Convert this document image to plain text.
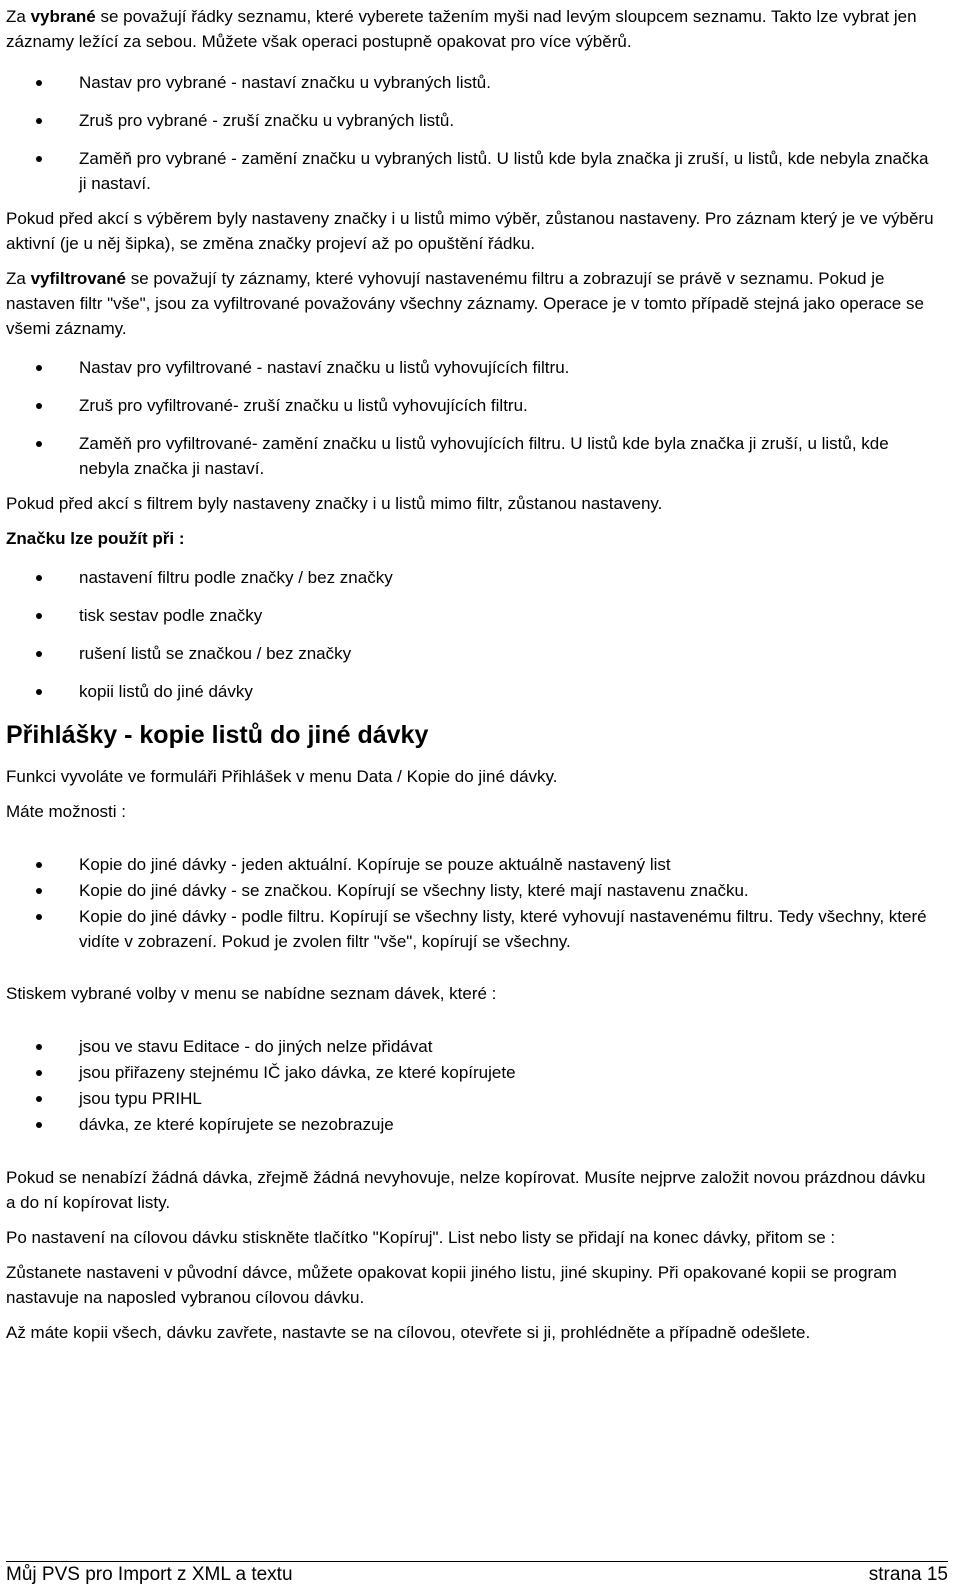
Za vybrané se považují řádky seznamu, které vyberete tažením myši nad levým sloupcem seznamu. Takto lze vybrat jen záznamy ležící za sebou. Můžete však operaci postupně opakovat pro více výběrů.

Nastav pro vybrané - nastaví značku u vybraných listů.
Zruš pro vybrané - zruší značku u vybraných listů.
Zaměň pro vybrané - zamění značku u vybraných listů. U listů kde byla značka ji zruší, u listů, kde nebyla značka ji nastaví.

Pokud před akcí s výběrem byly nastaveny značky i u listů mimo výběr, zůstanou nastaveny. Pro záznam který je ve výběru aktivní (je u něj šipka), se změna značky projeví až po opuštění řádku.

Za vyfiltrované se považují ty záznamy, které vyhovují nastavenému filtru a zobrazují se právě v seznamu. Pokud je nastaven filtr "vše", jsou za vyfiltrované považovány všechny záznamy. Operace je v tomto případě stejná jako operace se všemi záznamy.

Nastav pro vyfiltrované - nastaví značku u listů vyhovujících filtru.
Zruš pro vyfiltrované- zruší značku u listů vyhovujících filtru.
Zaměň pro vyfiltrované- zamění značku u listů vyhovujících filtru. U listů kde byla značka ji zruší, u listů, kde nebyla značka ji nastaví.

Pokud před akcí s filtrem byly nastaveny značky i u listů mimo filtr, zůstanou nastaveny.

Značku lze použít při :

nastavení filtru podle značky / bez značky
tisk sestav podle značky
rušení listů se značkou / bez značky
kopii listů do jiné dávky
Přihlášky - kopie listů do jiné dávky

Funkci vyvoláte ve formuláři Přihlášek v menu Data / Kopie do jiné dávky.

Máte možnosti :

Kopie do jiné dávky - jeden aktuální. Kopíruje se pouze aktuálně nastavený list
Kopie do jiné dávky - se značkou. Kopírují se všechny listy, které mají nastavenu značku.
Kopie do jiné dávky - podle filtru. Kopírují se všechny listy, které vyhovují nastavenému filtru. Tedy všechny, které vidíte v zobrazení. Pokud je zvolen filtr "vše", kopírují se všechny.

Stiskem vybrané volby v menu se nabídne seznam dávek, které :

jsou ve stavu Editace - do jiných nelze přidávat
jsou přiřazeny stejnému IČ jako dávka, ze které kopírujete
jsou typu PRIHL
dávka, ze které kopírujete se nezobrazuje

Pokud se nenabízí žádná dávka, zřejmě žádná nevyhovuje, nelze kopírovat. Musíte nejprve založit novou prázdnou dávku a do ní kopírovat listy.

Po nastavení na cílovou dávku stiskněte tlačítko "Kopíruj". List nebo listy se přidají na konec dávky, přitom se :

Zůstanete nastaveni v původní dávce, můžete opakovat kopii jiného listu, jiné skupiny. Při opakované kopii se program nastavuje na naposled vybranou cílovou dávku.

Až máte kopii všech, dávku zavřete, nastavte se na cílovou, otevřete si ji, prohlédněte a případně odešlete.

Můj PVS pro Import z XML a textu	strana 15
